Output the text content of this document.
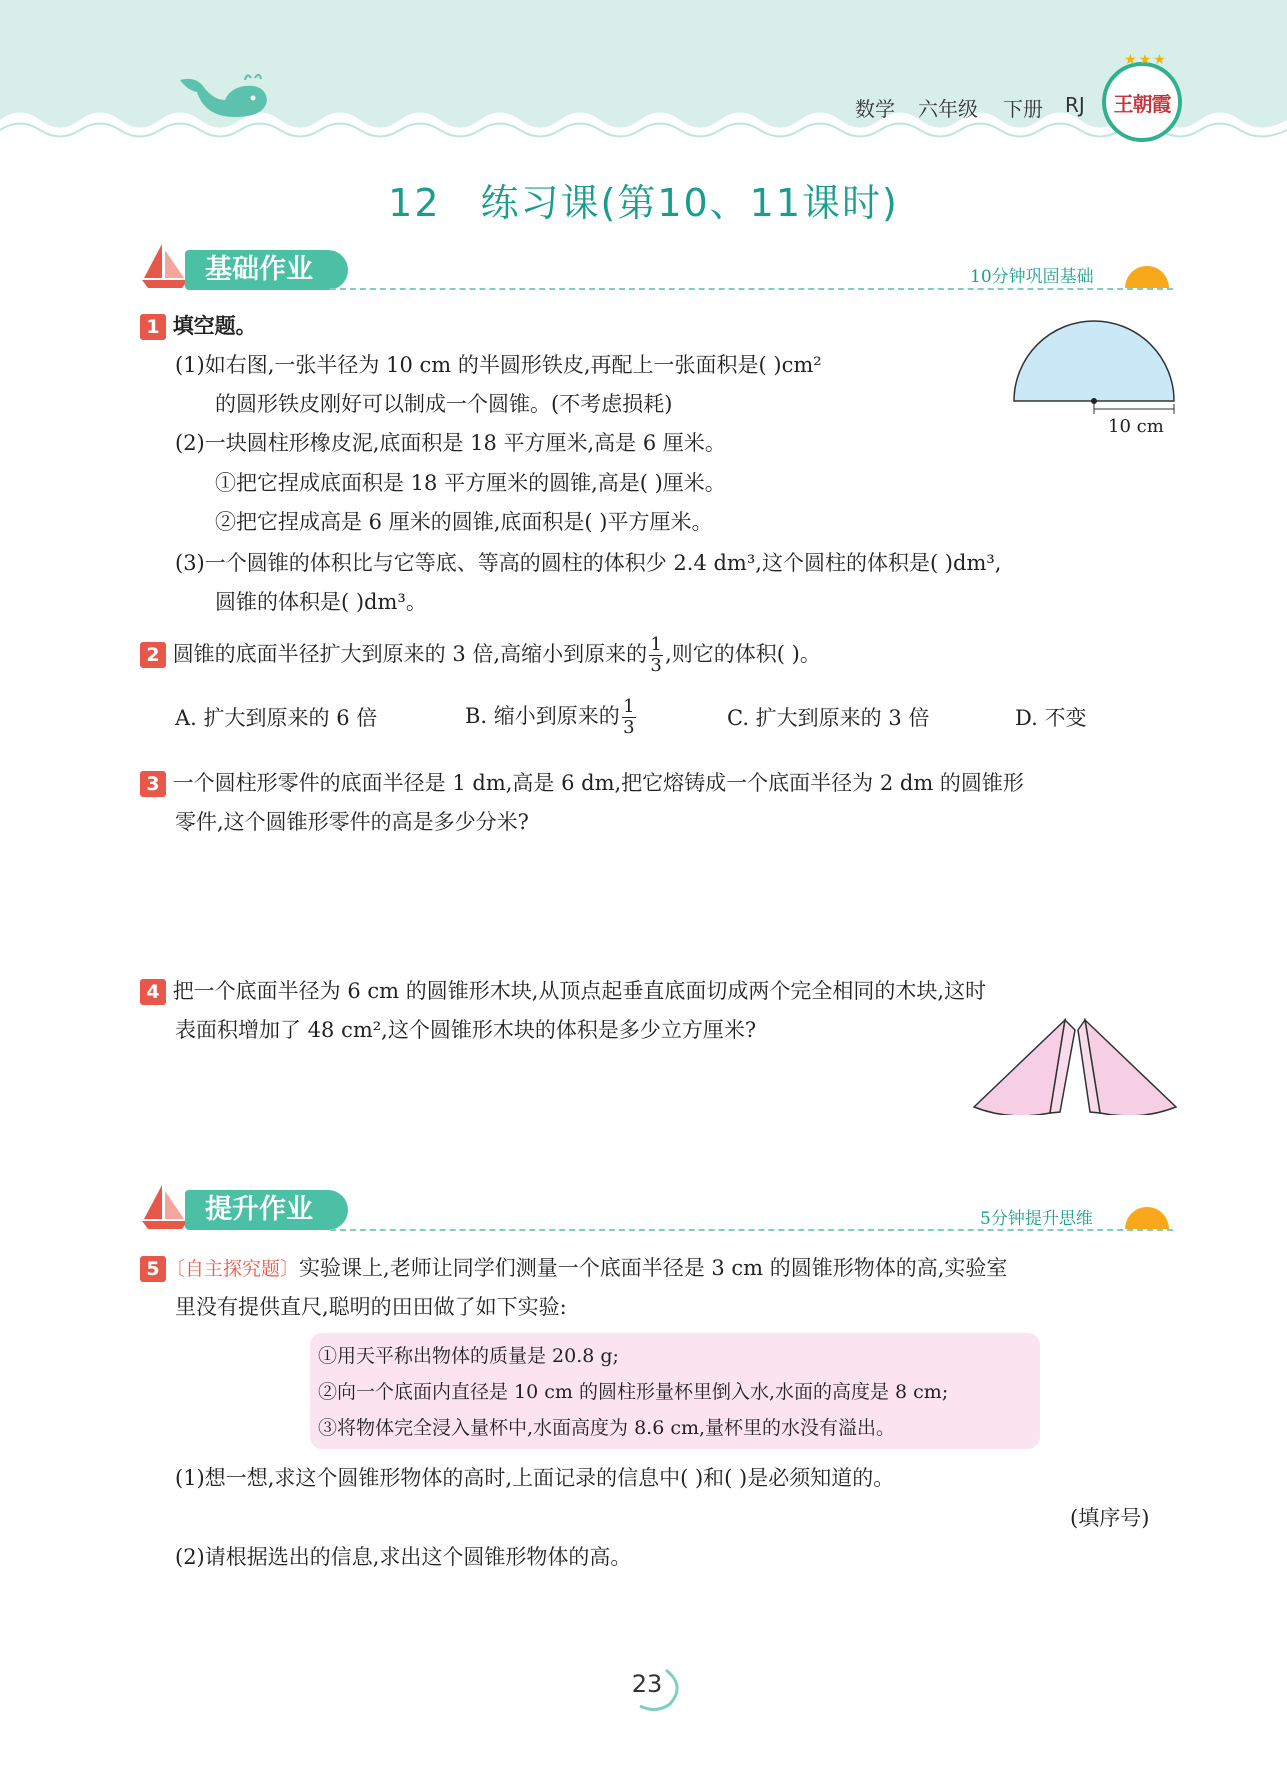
数学 六年级 下册 RJ
★★★
王朝霞
12 练习课(第10、11课时)
基础作业	10分钟巩固基础
1 填空题。
(1)如右图,一张半径为 10 cm 的半圆形铁皮,再配上一张面积是( )cm²
的圆形铁皮刚好可以制成一个圆锥。(不考虑损耗)
(2)一块圆柱形橡皮泥,底面积是 18 平方厘米,高是 6 厘米。
①把它捏成底面积是 18 平方厘米的圆锥,高是( )厘米。
②把它捏成高是 6 厘米的圆锥,底面积是( )平方厘米。
(3)一个圆锥的体积比与它等底、等高的圆柱的体积少 2.4 dm³,这个圆柱的体积是( )dm³,
圆锥的体积是( )dm³。
10 cm
2 圆锥的底面半径扩大到原来的 3 倍,高缩小到原来的 $\frac{1}{3}$ ,则它的体积( )。
A. 扩大到原来的 6 倍	B. 缩小到原来的 $\frac{1}{3}$	C. 扩大到原来的 3 倍	D. 不变
3 一个圆柱形零件的底面半径是 1 dm,高是 6 dm,把它熔铸成一个底面半径为 2 dm 的圆锥形
零件,这个圆锥形零件的高是多少分米?
4 把一个底面半径为 6 cm 的圆锥形木块,从顶点起垂直底面切成两个完全相同的木块,这时
表面积增加了 48 cm²,这个圆锥形木块的体积是多少立方厘米?
提升作业	5分钟提升思维
5 〔自主探究题〕实验课上,老师让同学们测量一个底面半径是 3 cm 的圆锥形物体的高,实验室
里没有提供直尺,聪明的田田做了如下实验:
①用天平称出物体的质量是 20.8 g;
②向一个底面内直径是 10 cm 的圆柱形量杯里倒入水,水面的高度是 8 cm;
③将物体完全浸入量杯中,水面高度为 8.6 cm,量杯里的水没有溢出。
(1)想一想,求这个圆锥形物体的高时,上面记录的信息中( )和( )是必须知道的。
(填序号)
(2)请根据选出的信息,求出这个圆锥形物体的高。
23
